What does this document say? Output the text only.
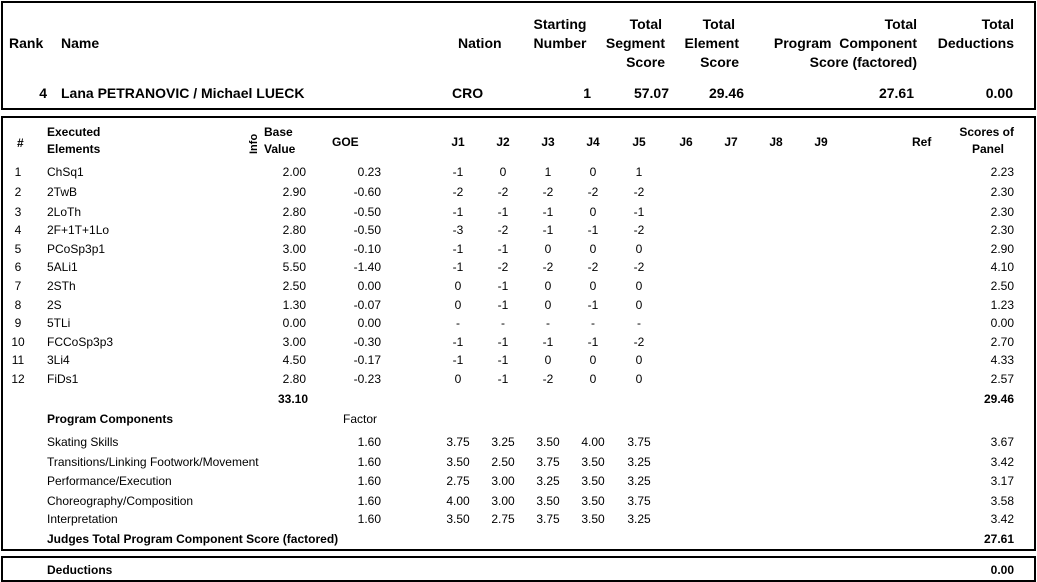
Rank Name	Nation
Starting
Number
Total
Segment
Score
Total
Element
Score
Total
Program  Component
Score (factored)
Total
Deductions
4 Lana PETRANOVIC / Michael LUECK	CRO	1	57.07	29.46	27.61	0.00
#
Executed
Elements	Info
Base
Value	GOE	J1	J2	J3	J4	J5	J6	J7	J8	J9	Ref
Scores of
Panel
1	ChSq1	2.00	0.23	-1	0	1	0	1	2.23
2	2TwB	2.90	-0.60	-2	-2	-2	-2	-2	2.30
3	2LoTh	2.80	-0.50	-1	-1	-1	0	-1	2.30
4	2F+1T+1Lo	2.80	-0.50	-3	-2	-1	-1	-2	2.30
5	PCoSp3p1	3.00	-0.10	-1	-1	0	0	0	2.90
6	5ALi1	5.50	-1.40	-1	-2	-2	-2	-2	4.10
7	2STh	2.50	0.00	0	-1	0	0	0	2.50
8	2S	1.30	-0.07	0	-1	0	-1	0	1.23
9	5TLi	0.00	0.00	-	-	-	-	-	0.00
10 FCCoSp3p3	3.00	-0.30	-1	-1	-1	-1	-2	2.70
11	3Li4	4.50	-0.17	-1	-1	0	0	0	4.33
12 FiDs1	2.80	-0.23	0	-1	-2	0	0	2.57
33.10	29.46
Program Components	Factor
Skating Skills	1.60	3.75	3.25	3.50	4.00	3.75	3.67
Transitions/Linking Footwork/Movement	1.60	3.50	2.50	3.75	3.50	3.25	3.42
Performance/Execution	1.60	2.75	3.00	3.25	3.50	3.25	3.17
Choreography/Composition	1.60	4.00	3.00	3.50	3.50	3.75	3.58
Interpretation	1.60	3.50	2.75	3.75	3.50	3.25	3.42
Judges Total Program Component Score (factored)	27.61
Deductions	0.00
